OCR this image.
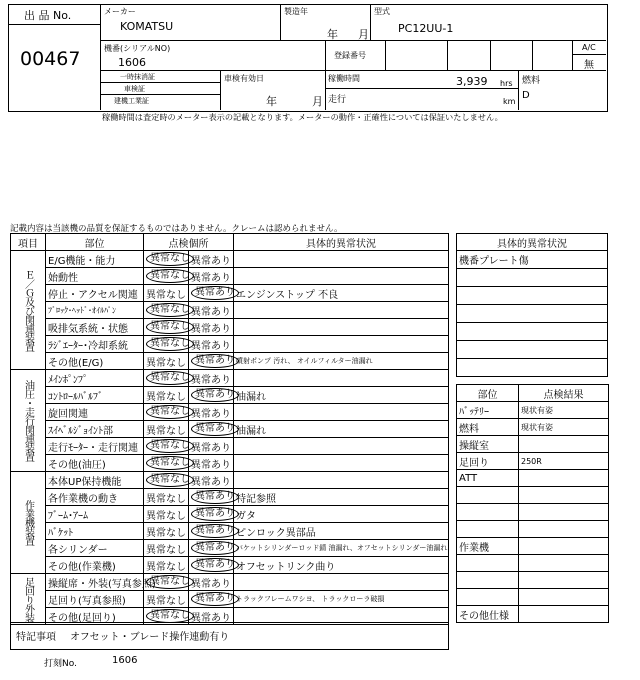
出 品 No.
00467
メーカー
KOMATSU
製造年
年 月
型式
PC12UU-1
機番(シリアルNO)
1606
登録番号
A/C
無
一時抹消証
車検証
建機工業証
車検有効日
年	月
稼働時間	3,939 hrs
走行	km
燃料
D
稼働時間は査定時のメーター表示の記載となります。メーターの動作・正確性については保証いたしません。
記載内容は当該機の品質を保証するものではありません。クレームは認められません。
項目	部位	点検個所		具体的異常状況
Ｅ／Ｇ及び関連装置	E/G機能・能力	異常なし	異常あり	
	始動性	異常なし	異常あり	
	停止・アクセル関連	異常なし	異常あり	エンジンストップ 不良
	ﾌﾞﾛｯｸ･ﾍｯﾄﾞ･ｵｲﾙﾊﾟﾝ	異常なし	異常あり	
	吸排気系統・状態	異常なし	異常あり	
	ﾗｼﾞｴｰﾀｰ･冷却系統	異常なし	異常あり	
	その他(E/G)	異常なし	異常あり	噴射ポンプ 汚れ、 オイルフィルター油漏れ
油圧・走行関連装置	ﾒｲﾝﾎﾟﾝﾌﾟ	異常なし	異常あり	
	ｺﾝﾄﾛｰﾙﾊﾞﾙﾌﾞ	異常なし	異常あり	油漏れ
	旋回関連	異常なし	異常あり	
	ｽｲﾍﾞﾙｼﾞｮｲﾝﾄ部	異常なし	異常あり	油漏れ
	走行ﾓｰﾀｰ・走行関連	異常なし	異常あり	
	その他(油圧)	異常なし	異常あり	
作業機装置	本体UP保持機能	異常なし	異常あり	
	各作業機の動き	異常なし	異常あり	特記参照
	ﾌﾞｰﾑ･ｱｰﾑ	異常なし	異常あり	ガタ
	ﾊﾞｹｯﾄ	異常なし	異常あり	ピンロック異部品
	各シリンダー	異常なし	異常あり	バケットシリンダーロッド錆 油漏れ、オフセットシリンダー油漏れ
	その他(作業機)	異常なし	異常あり	オフセットリンク曲り
足回り外装	操縦席・外装(写真参照)	異常なし	異常あり	
	足回り(写真参照)	異常なし	異常あり	トラックフレームワシヨ、 トラックローラ破損
	その他(足回り)	異常なし	異常あり	
特記事項 オフセット・ブレード操作連動有り
打刻No.	1606
具体的異常状況
機番プレート傷

部位	点検結果
ﾊﾞｯﾃﾘｰ	現状有姿
燃料	現状有姿
操縦室	
足回り	250R
ATT	

作業機	

その他仕様	
